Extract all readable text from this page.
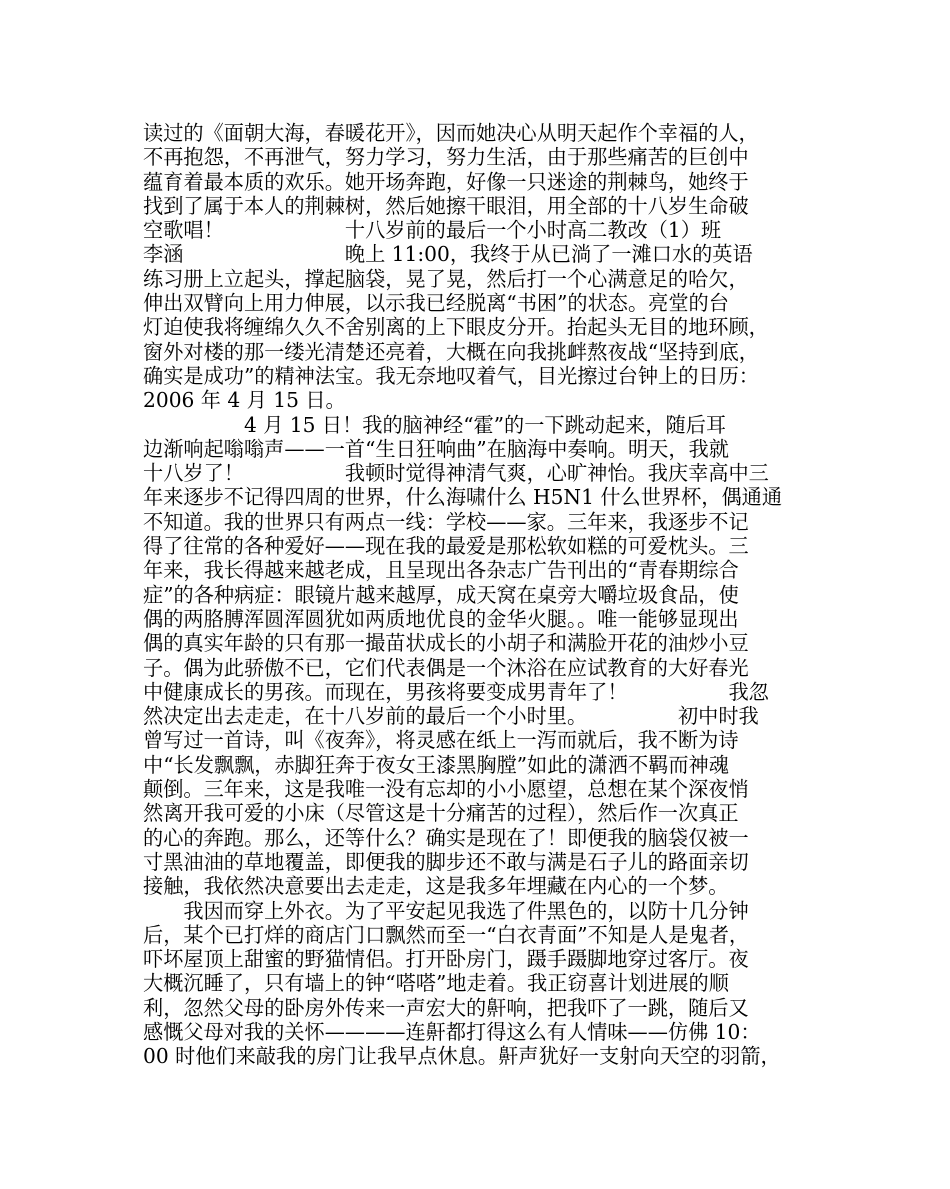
读过的《面朝大海，春暖花开》，因而她决心从明天起作个幸福的人，
不再抱怨，不再泄气，努力学习，努力生活，由于那些痛苦的巨创中
蕴育着最本质的欢乐。她开场奔跑，好像一只迷途的荆棘鸟，她终于
找到了属于本人的荆棘树，然后她擦干眼泪，用全部的十八岁生命破
空歌唱！　　　　　　十八岁前的最后一个小时高二教改（1）班
李涵　　　　　　　　晚上 11:00，我终于从已淌了一滩口水的英语
练习册上立起头，撑起脑袋，晃了晃，然后打一个心满意足的哈欠，
伸出双臂向上用力伸展，以示我已经脱离“书困”的状态。亮堂的台
灯迫使我将缠绵久久不舍别离的上下眼皮分开。抬起头无目的地环顾，
窗外对楼的那一缕光清楚还亮着，大概在向我挑衅熬夜战“坚持到底，
确实是成功”的精神法宝。我无奈地叹着气，目光擦过台钟上的日历：
2006 年 4 月 15 日。
　　　　　4 月 15 日！我的脑神经“霍”的一下跳动起来，随后耳
边渐响起嗡嗡声——一首“生日狂响曲”在脑海中奏响。明天，我就
十八岁了！　　　　　我顿时觉得神清气爽，心旷神怡。我庆幸高中三
年来逐步不记得四周的世界，什么海啸什么 H5N1 什么世界杯，偶通通
不知道。我的世界只有两点一线：学校——家。三年来，我逐步不记
得了往常的各种爱好——现在我的最爱是那松软如糕的可爱枕头。三
年来，我长得越来越老成，且呈现出各杂志广告刊出的“青春期综合
症”的各种病症：眼镜片越来越厚，成天窝在桌旁大嚼垃圾食品，使
偶的两胳膊浑圆浑圆犹如两质地优良的金华火腿。。唯一能够显现出
偶的真实年龄的只有那一撮苗状成长的小胡子和满脸开花的油炒小豆
子。偶为此骄傲不已，它们代表偶是一个沐浴在应试教育的大好春光
中健康成长的男孩。而现在，男孩将要变成男青年了！　　　　　我忽
然决定出去走走，在十八岁前的最后一个小时里。　　　　　初中时我
曾写过一首诗，叫《夜奔》，将灵感在纸上一泻而就后，我不断为诗
中“长发飘飘，赤脚狂奔于夜女王漆黑胸膛”如此的潇洒不羁而神魂
颠倒。三年来，这是我唯一没有忘却的小小愿望，总想在某个深夜悄
然离开我可爱的小床（尽管这是十分痛苦的过程），然后作一次真正
的心的奔跑。那么，还等什么？确实是现在了！即便我的脑袋仅被一
寸黑油油的草地覆盖，即便我的脚步还不敢与满是石子儿的路面亲切
接触，我依然决意要出去走走，这是我多年埋藏在内心的一个梦。
　　我因而穿上外衣。为了平安起见我选了件黑色的，以防十几分钟
后，某个已打烊的商店门口飘然而至一“白衣青面”不知是人是鬼者，
吓坏屋顶上甜蜜的野猫情侣。打开卧房门，蹑手蹑脚地穿过客厅。夜
大概沉睡了，只有墙上的钟“嗒嗒”地走着。我正窃喜计划进展的顺
利，忽然父母的卧房外传来一声宏大的鼾响，把我吓了一跳，随后又
感慨父母对我的关怀————连鼾都打得这么有人情味——仿佛 10：
00 时他们来敲我的房门让我早点休息。鼾声犹好一支射向天空的羽箭，
